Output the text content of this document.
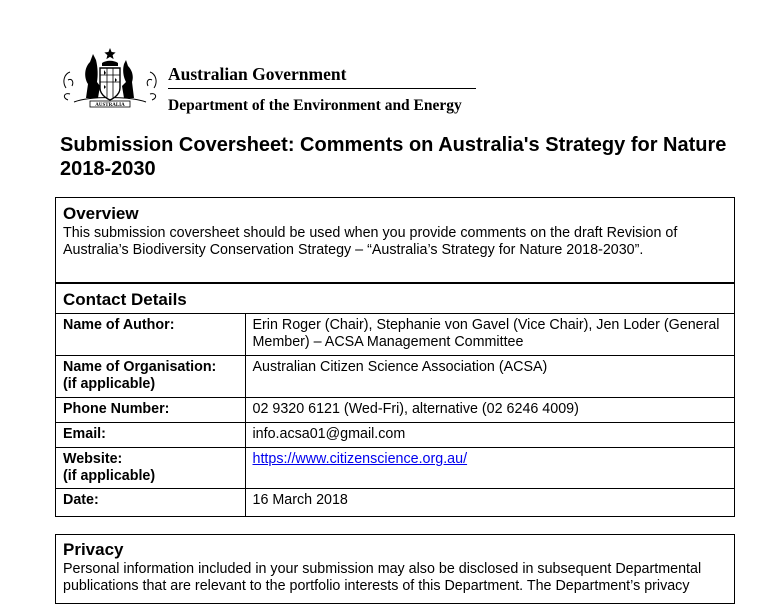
AUSTRALIA
Australian Government
Department of the Environment and Energy
Submission Coversheet: Comments on Australia's Strategy for Nature 2018-2030
Overview

This submission coversheet should be used when you provide comments on the draft Revision of Australia’s Biodiversity Conservation Strategy – “Australia’s Strategy for Nature 2018-2030”.

Contact Details
Name of Author:	Erin Roger (Chair), Stephanie von Gavel (Vice Chair), Jen Loder (General Member) – ACSA Management Committee

Name of Organisation:
(if applicable)	Australian Citizen Science Association (ACSA)

Phone Number:	02 9320 6121 (Wed-Fri), alternative (02 6246 4009)

Email:	info.acsa01@gmail.com

Website:
(if applicable)	https://www.citizenscience.org.au/

Date:	16 March 2018
Privacy

Personal information included in your submission may also be disclosed in subsequent Departmental publications that are relevant to the portfolio interests of this Department. The Department’s privacy
